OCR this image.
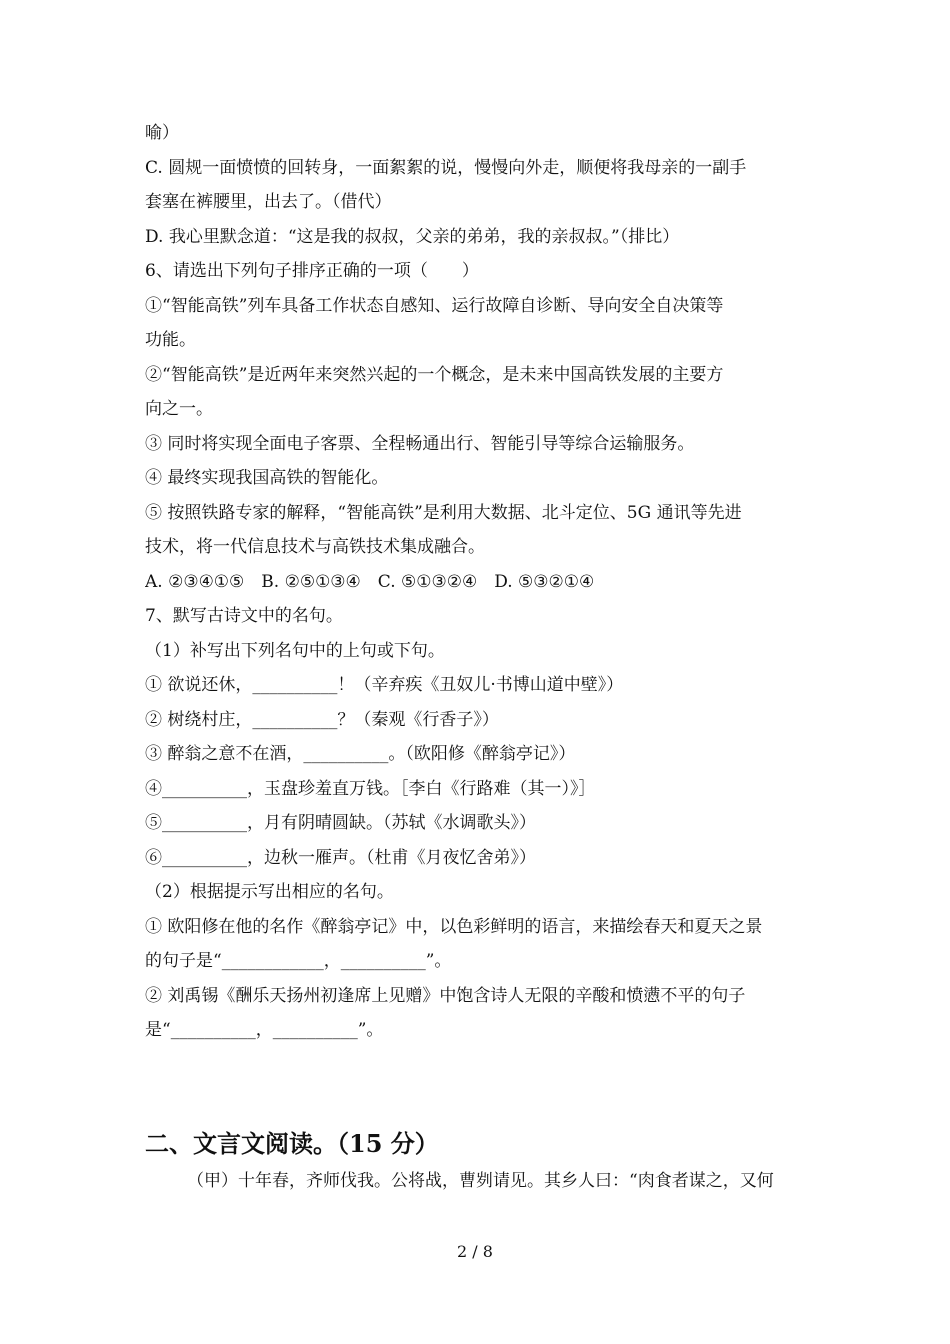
喻）
C. 圆规一面愤愤的回转身，一面絮絮的说，慢慢向外走，顺便将我母亲的一副手
套塞在裤腰里，出去了。（借代）
D. 我心里默念道：“这是我的叔叔，父亲的弟弟，我的亲叔叔。”（排比）
6、请选出下列句子排序正确的一项（　　）
①“智能高铁”列车具备工作状态自感知、运行故障自诊断、导向安全自决策等
功能。
②“智能高铁”是近两年来突然兴起的一个概念，是未来中国高铁发展的主要方
向之一。
③ 同时将实现全面电子客票、全程畅通出行、智能引导等综合运输服务。
④ 最终实现我国高铁的智能化。
⑤ 按照铁路专家的解释，“智能高铁”是利用大数据、北斗定位、5G 通讯等先进
技术，将一代信息技术与高铁技术集成融合。
A. ②③④①⑤　B. ②⑤①③④　C. ⑤①③②④　D. ⑤③②①④
7、默写古诗文中的名句。
（1）补写出下列名句中的上句或下句。
① 欲说还休，__________！（辛弃疾《丑奴儿·书博山道中壁》）
② 树绕村庄，__________？（秦观《行香子》）
③ 醉翁之意不在酒，__________。（欧阳修《醉翁亭记》）
④__________，玉盘珍羞直万钱。［李白《行路难（其一）》］
⑤__________，月有阴晴圆缺。（苏轼《水调歌头》）
⑥__________，边秋一雁声。（杜甫《月夜忆舍弟》）
（2）根据提示写出相应的名句。
① 欧阳修在他的名作《醉翁亭记》中，以色彩鲜明的语言，来描绘春天和夏天之景
的句子是“____________，__________”。
② 刘禹锡《酬乐天扬州初逢席上见赠》中饱含诗人无限的辛酸和愤懑不平的句子
是“__________，__________”。
二、文言文阅读。（15 分）
（甲）十年春，齐师伐我。公将战，曹刿请见。其乡人曰：“肉食者谋之，又何
2 / 8
